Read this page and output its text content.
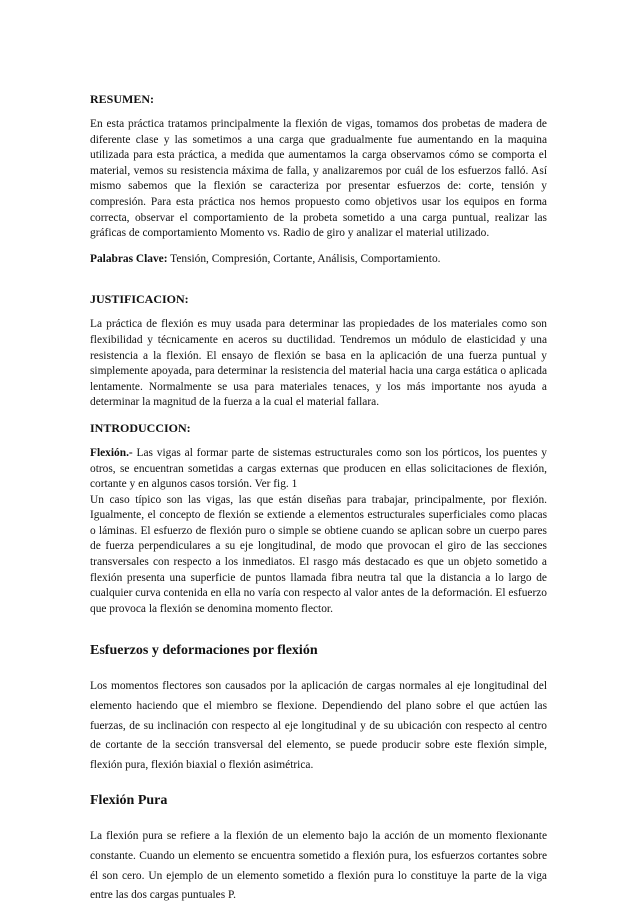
RESUMEN:

En esta práctica tratamos principalmente la flexión de vigas, tomamos dos probetas de madera de diferente clase y las sometimos a una carga que gradualmente fue aumentando en la maquina utilizada para esta práctica, a medida que aumentamos la carga observamos cómo se comporta el material, vemos su resistencia máxima de falla, y analizaremos por cuál de los esfuerzos falló. Así mismo sabemos que la flexión se caracteriza por presentar esfuerzos de: corte, tensión y compresión. Para esta práctica nos hemos propuesto como objetivos usar los equipos en forma correcta, observar el comportamiento de la probeta sometido a una carga puntual, realizar las gráficas de comportamiento Momento vs. Radio de giro y analizar el material utilizado.

Palabras Clave: Tensión, Compresión, Cortante, Análisis, Comportamiento.

JUSTIFICACION:

La práctica de flexión es muy usada para determinar las propiedades de los materiales como son flexibilidad y técnicamente en aceros su ductilidad. Tendremos un módulo de elasticidad y una resistencia a la flexión. El ensayo de flexión se basa en la aplicación de una fuerza puntual y simplemente apoyada, para determinar la resistencia del material hacia una carga estática o aplicada lentamente. Normalmente se usa para materiales tenaces, y los más importante nos ayuda a determinar la magnitud de la fuerza a la cual el material fallara.

INTRODUCCION:

Flexión.- Las vigas al formar parte de sistemas estructurales como son los pórticos, los puentes y otros, se encuentran sometidas a cargas externas que producen en ellas solicitaciones de flexión, cortante y en algunos casos torsión. Ver fig. 1

Un caso típico son las vigas, las que están diseñas para trabajar, principalmente, por flexión. Igualmente, el concepto de flexión se extiende a elementos estructurales superficiales como placas o láminas. El esfuerzo de flexión puro o simple se obtiene cuando se aplican sobre un cuerpo pares de fuerza perpendiculares a su eje longitudinal, de modo que provocan el giro de las secciones transversales con respecto a los inmediatos. El rasgo más destacado es que un objeto sometido a flexión presenta una superficie de puntos llamada fibra neutra tal que la distancia a lo largo de cualquier curva contenida en ella no varía con respecto al valor antes de la deformación. El esfuerzo que provoca la flexión se denomina momento flector.

Esfuerzos y deformaciones por flexión

Los momentos flectores son causados por la aplicación de cargas normales al eje longitudinal del elemento haciendo que el miembro se flexione. Dependiendo del plano sobre el que actúen las fuerzas, de su inclinación con respecto al eje longitudinal y de su ubicación con respecto al centro de cortante de la sección transversal del elemento, se puede producir sobre este flexión simple, flexión pura, flexión biaxial o flexión asimétrica.

Flexión Pura

La flexión pura se refiere a la flexión de un elemento bajo la acción de un momento flexionante constante. Cuando un elemento se encuentra sometido a flexión pura, los esfuerzos cortantes sobre él son cero. Un ejemplo de un elemento sometido a flexión pura lo constituye la parte de la viga entre las dos cargas puntuales P.
